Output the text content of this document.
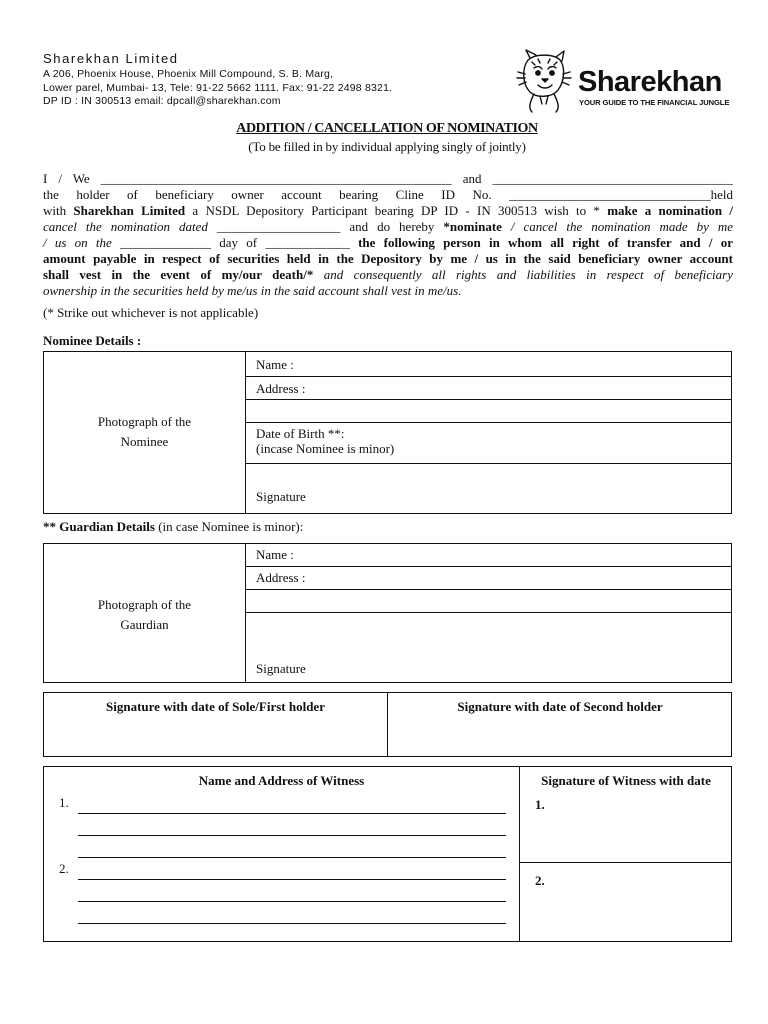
Sharekhan Limited
A 206, Phoenix House, Phoenix Mill Compound, S. B. Marg,
Lower parel, Mumbai- 13, Tele: 91-22 5662 1111. Fax: 91-22 2498 8321.
DP ID : IN 300513 email: dpcall@sharekhan.com
Sharekhan
YOUR GUIDE TO THE FINANCIAL JUNGLE
ADDITION / CANCELLATION OF NOMINATION
(To be filled in by individual applying singly of jointly)
I / We ______________________________________________________ and _____________________________________
the holder of beneficiary owner account bearing Cline ID No. _______________________________held
with Sharekhan Limited a NSDL Depository Participant bearing DP ID - IN 300513 wish to * make a nomination /
cancel the nomination dated ___________________ and do hereby *nominate / cancel the nomination made by me
/ us on the ______________ day of _____________ the following person in whom all right of transfer and / or
amount payable in respect of securities held in the Depository by me / us in the said beneficiary owner account
shall vest in the event of my/our death/* and consequently all rights and liabilities in respect of beneficiary
ownership in the securities held by me/us in the said account shall vest in me/us.
(* Strike out whichever is not applicable)
Nominee Details :
Photograph of the
Nominee
Name :
Address :
Date of Birth **:
(incase Nominee is minor)
Signature
** Guardian Details (in case Nominee is minor):
Photograph of the
Gaurdian
Name :
Address :
Signature
Signature with date of Sole/First holder	Signature with date of Second holder
Name and Address of Witness	Signature of Witness with date
1.
2.
1.
2.
